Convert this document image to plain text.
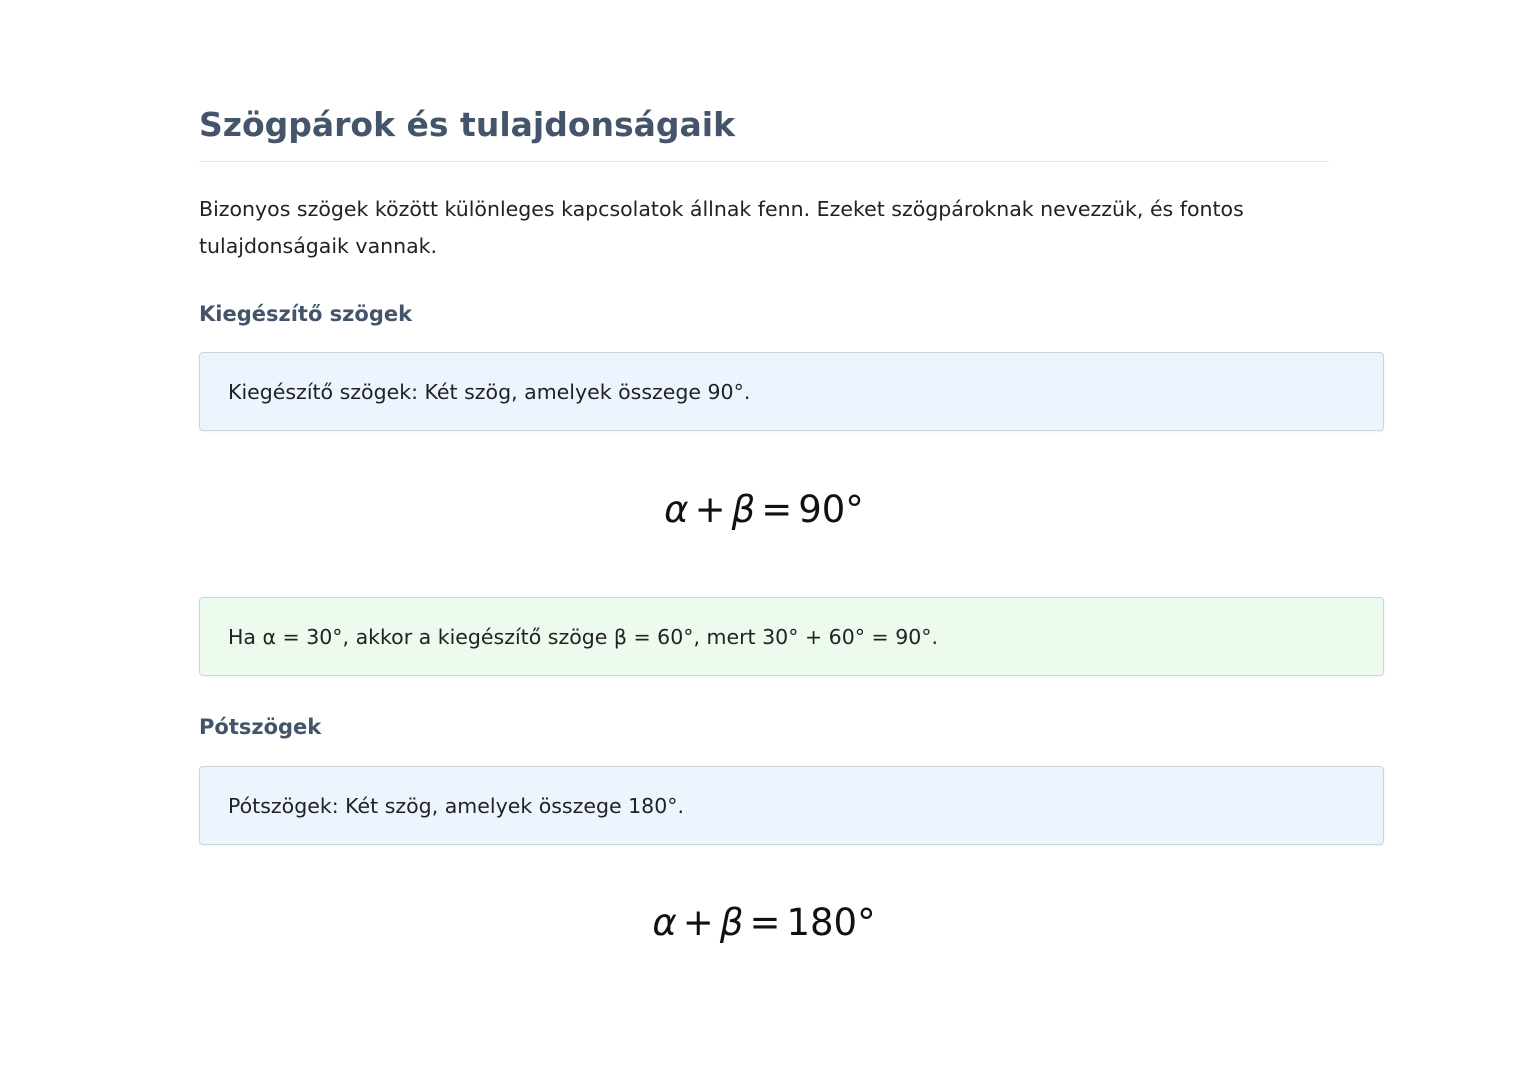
Szögpárok és tulajdonságaik

Bizonyos szögek között különleges kapcsolatok állnak fenn. Ezeket szögpároknak nevezzük, és fontos tulajdonságaik vannak.

Kiegészítő szögek
Kiegészítő szögek: Két szög, amelyek összege 90°.
α + β = 90°
Ha α = 30°, akkor a kiegészítő szöge β = 60°, mert 30° + 60° = 90°.
Pótszögek
Pótszögek: Két szög, amelyek összege 180°.
α + β = 180°
